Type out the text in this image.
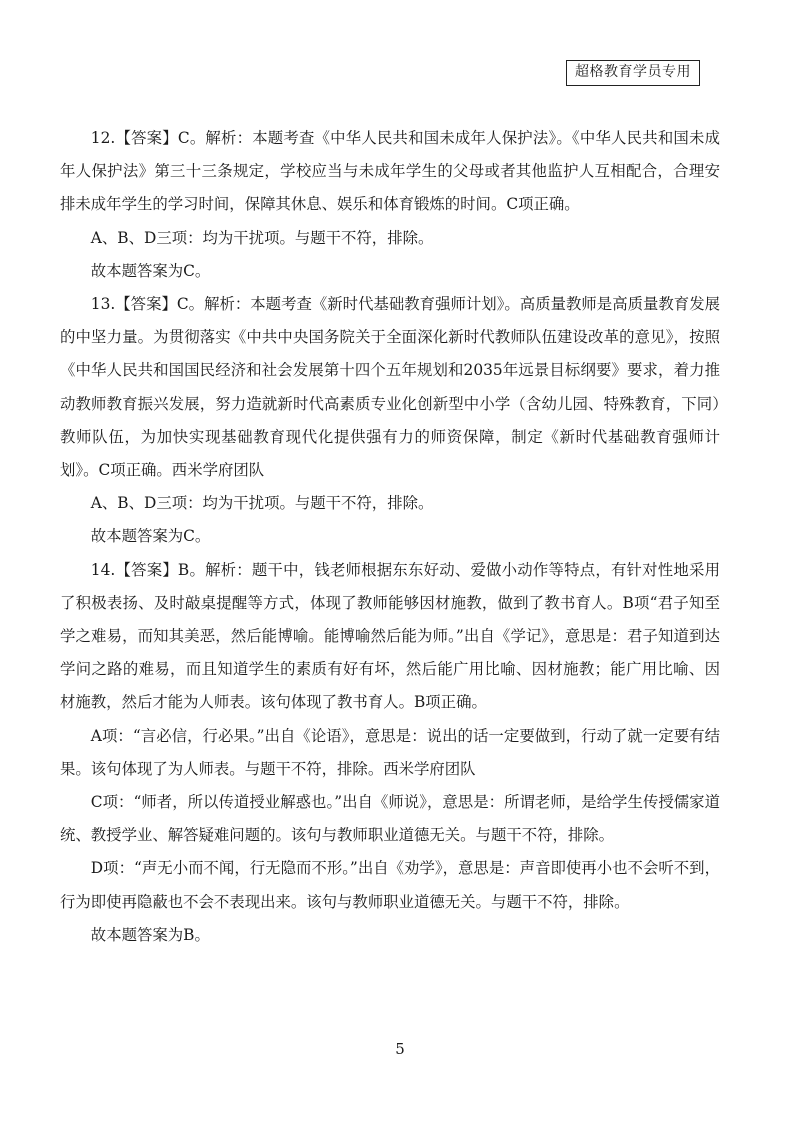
超格教育学员专用

12.【答案】C。解析：本题考查《中华人民共和国未成年人保护法》。《中华人民共和国未成年人保护法》第三十三条规定，学校应当与未成年学生的父母或者其他监护人互相配合，合理安排未成年学生的学习时间，保障其休息、娱乐和体育锻炼的时间。C项正确。

A、B、D三项：均为干扰项。与题干不符，排除。

故本题答案为C。

13.【答案】C。解析：本题考查《新时代基础教育强师计划》。高质量教师是高质量教育发展的中坚力量。为贯彻落实《中共中央国务院关于全面深化新时代教师队伍建设改革的意见》，按照《中华人民共和国国民经济和社会发展第十四个五年规划和2035年远景目标纲要》要求，着力推动教师教育振兴发展，努力造就新时代高素质专业化创新型中小学（含幼儿园、特殊教育，下同）教师队伍，为加快实现基础教育现代化提供强有力的师资保障，制定《新时代基础教育强师计划》。C项正确。西米学府团队

A、B、D三项：均为干扰项。与题干不符，排除。

故本题答案为C。

14.【答案】B。解析：题干中，钱老师根据东东好动、爱做小动作等特点，有针对性地采用了积极表扬、及时敲桌提醒等方式，体现了教师能够因材施教，做到了教书育人。B项“君子知至学之难易，而知其美恶，然后能博喻。能博喻然后能为师。”出自《学记》，意思是：君子知道到达学问之路的难易，而且知道学生的素质有好有坏，然后能广用比喻、因材施教；能广用比喻、因材施教，然后才能为人师表。该句体现了教书育人。B项正确。

A项：“言必信，行必果。”出自《论语》，意思是：说出的话一定要做到，行动了就一定要有结果。该句体现了为人师表。与题干不符，排除。西米学府团队

C项：“师者，所以传道授业解惑也。”出自《师说》，意思是：所谓老师，是给学生传授儒家道统、教授学业、解答疑难问题的。该句与教师职业道德无关。与题干不符，排除。

D项：“声无小而不闻，行无隐而不形。”出自《劝学》，意思是：声音即使再小也不会听不到，行为即使再隐蔽也不会不表现出来。该句与教师职业道德无关。与题干不符，排除。

故本题答案为B。

5
